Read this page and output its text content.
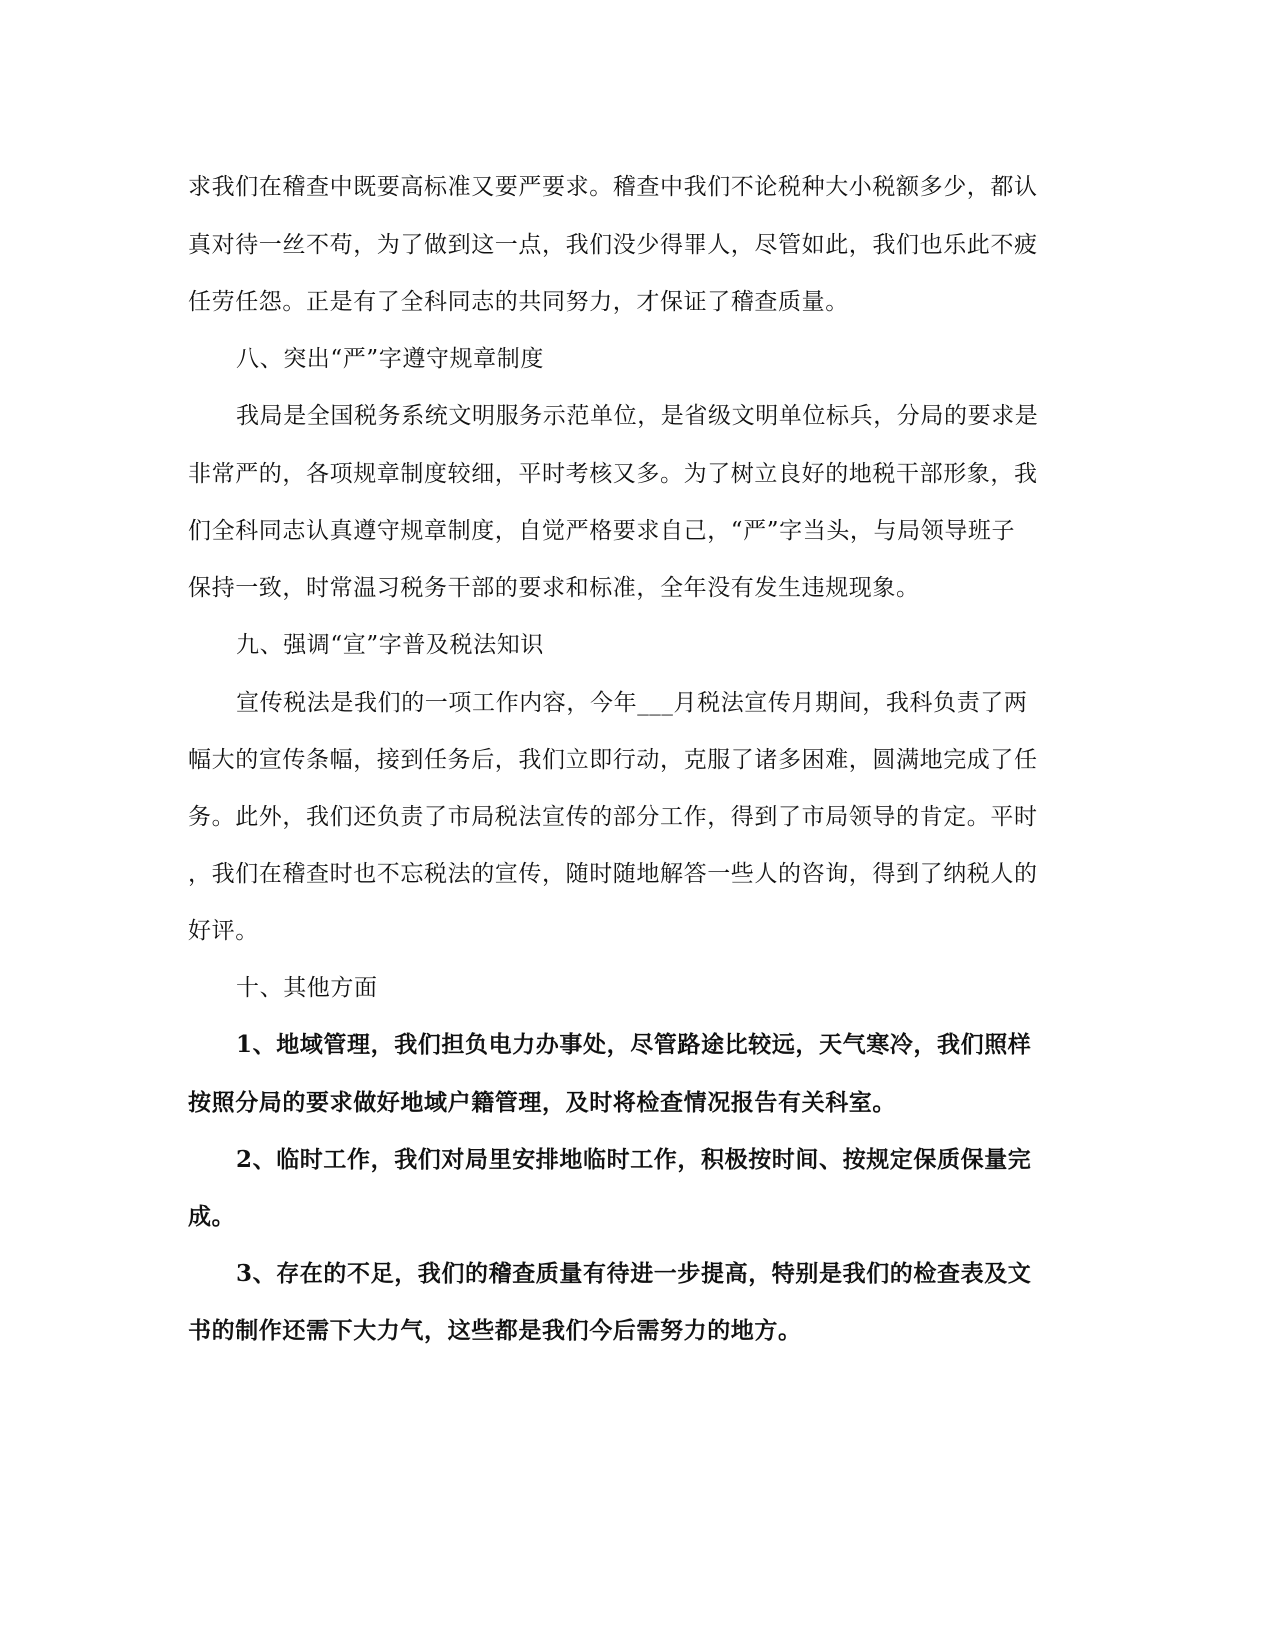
求我们在稽查中既要高标准又要严要求。稽查中我们不论税种大小税额多少，都认
真对待一丝不苟，为了做到这一点，我们没少得罪人，尽管如此，我们也乐此不疲
任劳任怨。正是有了全科同志的共同努力，才保证了稽查质量。
八、突出“严”字遵守规章制度
我局是全国税务系统文明服务示范单位，是省级文明单位标兵，分局的要求是
非常严的，各项规章制度较细，平时考核又多。为了树立良好的地税干部形象，我
们全科同志认真遵守规章制度，自觉严格要求自己，“严”字当头，与局领导班子
保持一致，时常温习税务干部的要求和标准，全年没有发生违规现象。
九、强调“宣”字普及税法知识
宣传税法是我们的一项工作内容，今年___月税法宣传月期间，我科负责了两
幅大的宣传条幅，接到任务后，我们立即行动，克服了诸多困难，圆满地完成了任
务。此外，我们还负责了市局税法宣传的部分工作，得到了市局领导的肯定。平时
，我们在稽查时也不忘税法的宣传，随时随地解答一些人的咨询，得到了纳税人的
好评。
十、其他方面
1、地域管理，我们担负电力办事处，尽管路途比较远，天气寒冷，我们照样
按照分局的要求做好地域户籍管理，及时将检查情况报告有关科室。
2、临时工作，我们对局里安排地临时工作，积极按时间、按规定保质保量完
成。
3、存在的不足，我们的稽查质量有待进一步提高，特别是我们的检查表及文
书的制作还需下大力气，这些都是我们今后需努力的地方。
